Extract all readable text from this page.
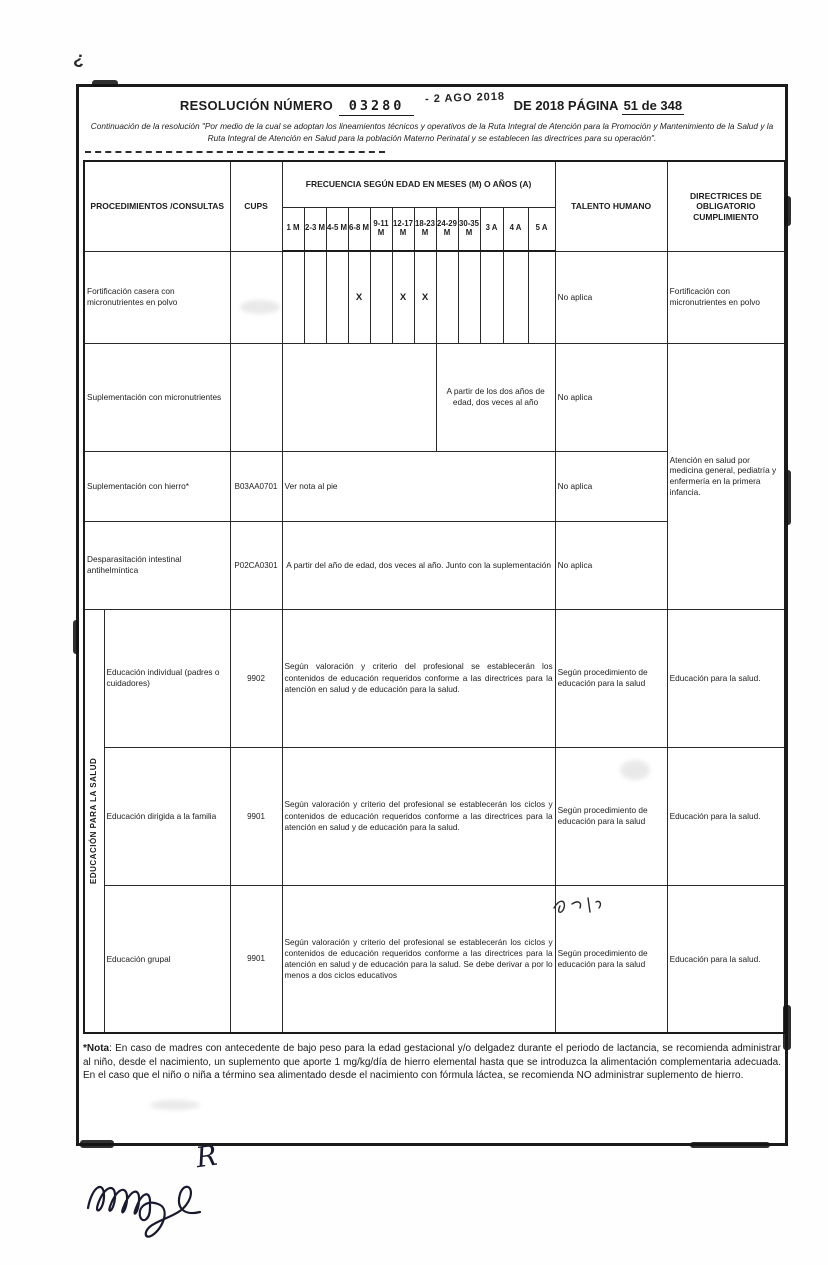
¿
RESOLUCIÓN NÚMERO 03280 - 2 AGO 2018 DE 2018 PÁGINA 51 de 348
Continuación de la resolución "Por medio de la cual se adoptan los lineamientos técnicos y operativos de la Ruta Integral de Atención para la Promoción y Mantenimiento de la Salud y la Ruta Integral de Atención en Salud para la población Materno Perinatal y se establecen las directrices para su operación".
PROCEDIMIENTOS /CONSULTAS		CUPS	FRECUENCIA SEGÚN EDAD EN MESES (M) O AÑOS (A)												TALENTO HUMANO	DIRECTRICES DE OBLIGATORIO CUMPLIMIENTO
			1 M	2-3 M	4-5 M	6-8 M	9-11 M	12-17 M	18-23 M	24-29 M	30-35 M	3 A	4 A	5 A		
Fortificación casera con micronutrientes en polvo						X		X	X						No aplica	Fortificación con micronutrientes en polvo
Suplementación con micronutrientes										A partir de los dos años de edad, dos veces al año					No aplica	Atención en salud por medicina general, pediatría y enfermería en la primera infancia.
Suplementación con hierro*		B03AA0701	Ver nota al pie												No aplica	
Desparasitación intestinal antihelmíntica		P02CA0301	A partir del año de edad, dos veces al año. Junto con la suplementación												No aplica	

EDUCACIÓN PARA LA SALUD	Educación individual (padres o cuidadores)	9902	Según valoración y criterio del profesional se establecerán los contenidos de educación requeridos conforme a las directrices para la atención en salud y de educación para la salud.												Según procedimiento de educación para la salud	Educación para la salud.
	Educación dirigida a la familia	9901	Según valoración y criterio del profesional se establecerán los ciclos y contenidos de educación requeridos conforme a las directrices para la atención en salud y de educación para la salud.												Según procedimiento de educación para la salud	Educación para la salud.
	Educación grupal	9901	Según valoración y criterio del profesional se establecerán los ciclos y contenidos de educación requeridos conforme a las directrices para la atención en salud y de educación para la salud. Se debe derivar a por lo menos a dos ciclos educativos												Según procedimiento de educación para la salud	Educación para la salud.

*Nota: En caso de madres con antecedente de bajo peso para la edad gestacional y/o delgadez durante el periodo de lactancia, se recomienda administrar al niño, desde el nacimiento, un suplemento que aporte 1 mg/kg/día de hierro elemental hasta que se introduzca la alimentación complementaria adecuada. En el caso que el niño o niña a término sea alimentado desde el nacimiento con fórmula láctea, se recomienda NO administrar suplemento de hierro.

R
